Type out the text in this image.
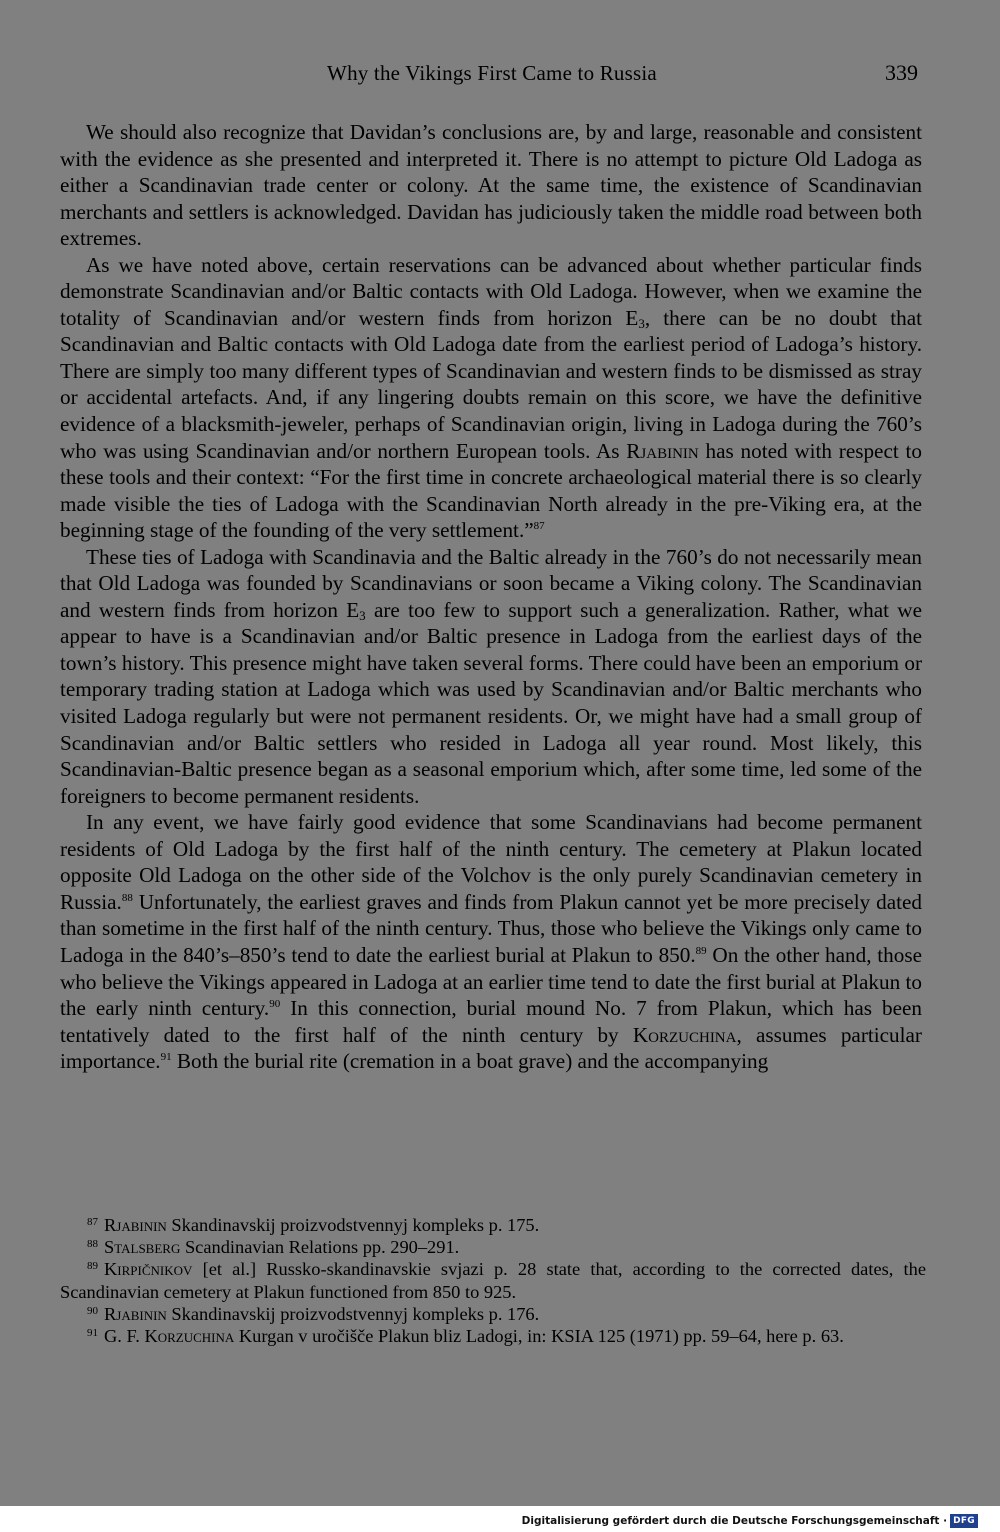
Why the Vikings First Came to Russia	339

We should also recognize that Davidan’s conclusions are, by and large, reasonable and consistent with the evidence as she presented and interpreted it. There is no attempt to picture Old Ladoga as either a Scandinavian trade center or colony. At the same time, the existence of Scandinavian merchants and settlers is acknowledged. Davidan has judiciously taken the middle road between both extremes.

As we have noted above, certain reservations can be advanced about whether particular finds demonstrate Scandinavian and/or Baltic contacts with Old Ladoga. However, when we examine the totality of Scandinavian and/or western finds from horizon $E_3$, there can be no doubt that Scandinavian and Baltic contacts with Old Ladoga date from the earliest period of Ladoga’s history. There are simply too many different types of Scandinavian and western finds to be dismissed as stray or accidental artefacts. And, if any lingering doubts remain on this score, we have the definitive evidence of a blacksmith-jeweler, perhaps of Scandinavian origin, living in Ladoga during the 760’s who was using Scandinavian and/or northern European tools. As Rjabinin has noted with respect to these tools and their context: “For the first time in concrete archaeological material there is so clearly made visible the ties of Ladoga with the Scandinavian North already in the pre-Viking era, at the beginning stage of the founding of the very settlement.”$^{87}$

These ties of Ladoga with Scandinavia and the Baltic already in the 760’s do not necessarily mean that Old Ladoga was founded by Scandinavians or soon became a Viking colony. The Scandinavian and western finds from horizon $E_3$ are too few to support such a generalization. Rather, what we appear to have is a Scandinavian and/or Baltic presence in Ladoga from the earliest days of the town’s history. This presence might have taken several forms. There could have been an emporium or temporary trading station at Ladoga which was used by Scandinavian and/or Baltic merchants who visited Ladoga regularly but were not permanent residents. Or, we might have had a small group of Scandinavian and/or Baltic settlers who resided in Ladoga all year round. Most likely, this Scandinavian-Baltic presence began as a seasonal emporium which, after some time, led some of the foreigners to become permanent residents.

In any event, we have fairly good evidence that some Scandinavians had become permanent residents of Old Ladoga by the first half of the ninth century. The cemetery at Plakun located opposite Old Ladoga on the other side of the Volchov is the only purely Scandinavian cemetery in Russia.$^{88}$ Unfortunately, the earliest graves and finds from Plakun cannot yet be more precisely dated than sometime in the first half of the ninth century. Thus, those who believe the Vikings only came to Ladoga in the 840’s–850’s tend to date the earliest burial at Plakun to 850.89 On the other hand, those who believe the Vikings appeared in Ladoga at an earlier time tend to date the first burial at Plakun to the early ninth century.$^{90}$ In this connection, burial mound No. 7 from Plakun, which has been tentatively dated to the first half of the ninth century by Korzuchina, assumes particular importance.$^{91}$ Both the burial rite (cremation in a boat grave) and the accompanying

$^{87}$ Rjabinin Skandinavskij proizvodstvennyj kompleks p. 175.

$^{88}$ Stalsberg Scandinavian Relations pp. 290–291.

$^{89}$ Kirpičnikov [et al.] Russko-skandinavskie svjazi p. 28 state that, according to the corrected dates, the Scandinavian cemetery at Plakun functioned from 850 to 925.

$^{90}$ Rjabinin Skandinavskij proizvodstvennyj kompleks p. 176.

$^{91}$ G. F. Korzuchina Kurgan v uročišče Plakun bliz Ladogi, in: KSIA 125 (1971) pp. 59–64, here p. 63.

Digitalisierung gefördert durch die Deutsche Forschungsgemeinschaft · DFG
